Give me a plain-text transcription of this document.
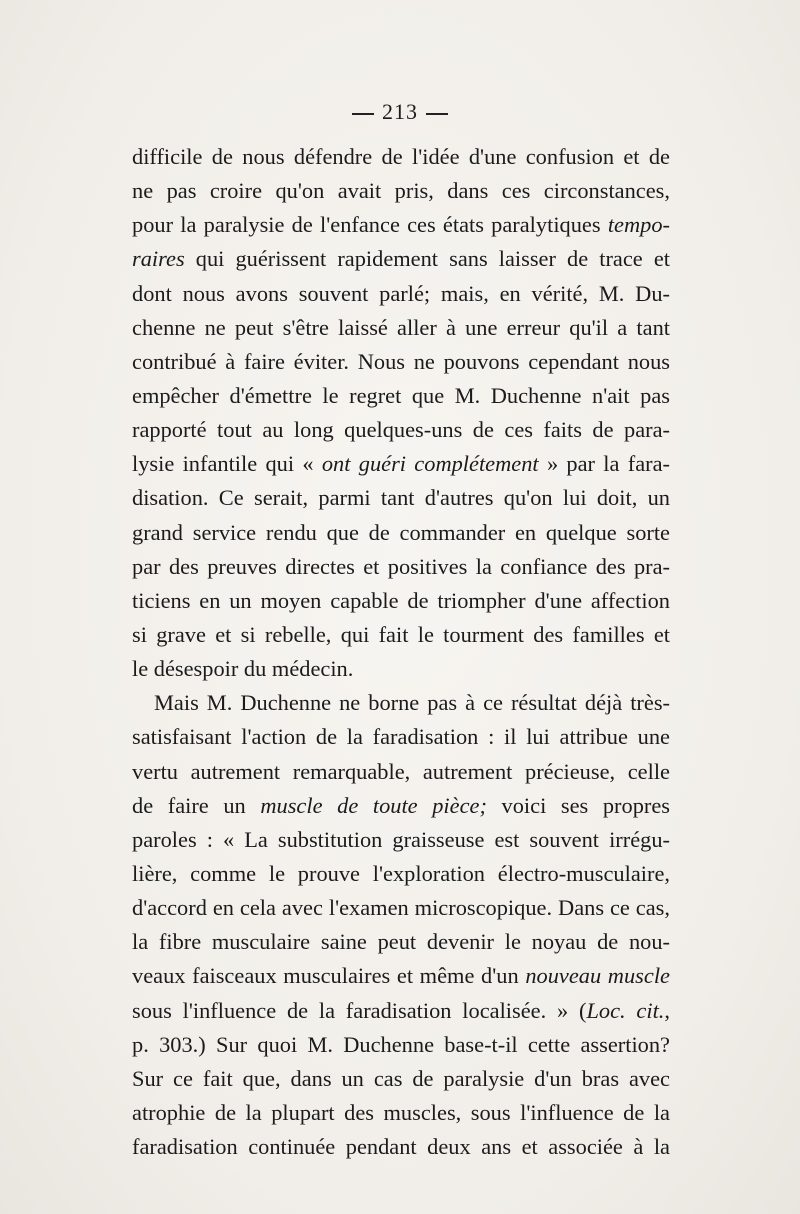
213
difficile de nous défendre de l'idée d'une confusion et de
ne pas croire qu'on avait pris, dans ces circonstances,
pour la paralysie de l'enfance ces états paralytiques tempo-
raires qui guérissent rapidement sans laisser de trace et
dont nous avons souvent parlé; mais, en vérité, M. Du-
chenne ne peut s'être laissé aller à une erreur qu'il a tant
contribué à faire éviter. Nous ne pouvons cependant nous
empêcher d'émettre le regret que M. Duchenne n'ait pas
rapporté tout au long quelques-uns de ces faits de para-
lysie infantile qui « ont guéri complétement » par la fara-
disation. Ce serait, parmi tant d'autres qu'on lui doit, un
grand service rendu que de commander en quelque sorte
par des preuves directes et positives la confiance des pra-
ticiens en un moyen capable de triompher d'une affection
si grave et si rebelle, qui fait le tourment des familles et
le désespoir du médecin.
Mais M. Duchenne ne borne pas à ce résultat déjà très-
satisfaisant l'action de la faradisation : il lui attribue une
vertu autrement remarquable, autrement précieuse, celle
de faire un muscle de toute pièce; voici ses propres
paroles : « La substitution graisseuse est souvent irrégu-
lière, comme le prouve l'exploration électro-musculaire,
d'accord en cela avec l'examen microscopique. Dans ce cas,
la fibre musculaire saine peut devenir le noyau de nou-
veaux faisceaux musculaires et même d'un nouveau muscle
sous l'influence de la faradisation localisée. » (Loc. cit.,
p. 303.) Sur quoi M. Duchenne base-t-il cette assertion?
Sur ce fait que, dans un cas de paralysie d'un bras avec
atrophie de la plupart des muscles, sous l'influence de la
faradisation continuée pendant deux ans et associée à la
